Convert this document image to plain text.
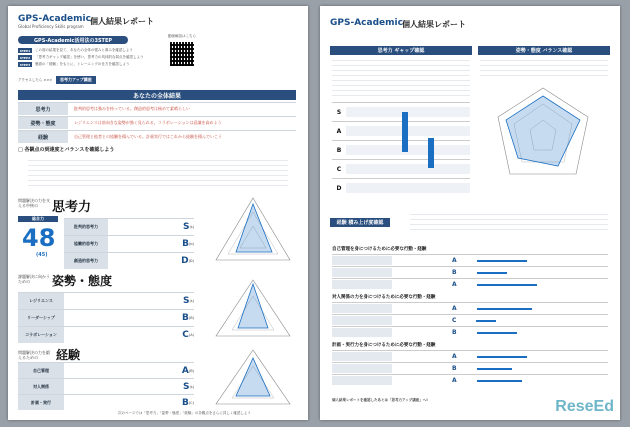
GPS-Academic
Global Proficiency Skills program
個人結果レポート
GPS-Academic活用法の3STEP
STEP1	この面の結果を見て、あなたの全体の強みと弱みを確認しよう
STEP2	「思考力ギャップ確認」を使い、思考力の具体的な弱点を確認しよう
STEP3	裏面の「経験」をもとに、トレーニングの仕方を確認しよう
動画解説はこちら
アクセスしたら >>>	思考力アップ講座
あなたの全体結果
思考力	批判的思考は強みを持っている。創造的思考は極めて素晴らしい
姿勢・態度	レジリエンスは前向きな姿勢が強く見られる。コラボレーションは意識を高めよう
経験	自己管理と他者との協働を積んでいる。計画実行ではこれから経験を積んでいこう
□ 各観点の到達度とバランスを確認しよう
問題解決の力を支える中核の	思考力
総合力
48
(45)
批判的思考力	S (s)
協働的思考力	B (b)
創造的思考力	D (D)
課題解決に向かうための	姿勢・態度
レジリエンス	S (s)
リーダーシップ	B (B)
コラボレーション	C (A)
問題解決の力を鍛えるための	経験
自己管理	A (B)
対人関係	S (s)
計画・実行	B (C)
次のページでは「思考力」「姿勢・態度」「経験」の各観点をさらに詳しく確認しよう
GPS-Academic 個人結果レポート
思考力 ギャップ確認	姿勢・態度 バランス確認
S
A
B
C
D
経験 積み上げ度確認
自己管理を身につけるために必要な行動・経験
A
B
A
対人関係の力を身につけるために必要な行動・経験
A
C
B
計画・実行力を身につけるために必要な行動・経験
A
B
A
個人結果レポートを確認したあとは「思考力アップ講座」へ!	ReseEd
